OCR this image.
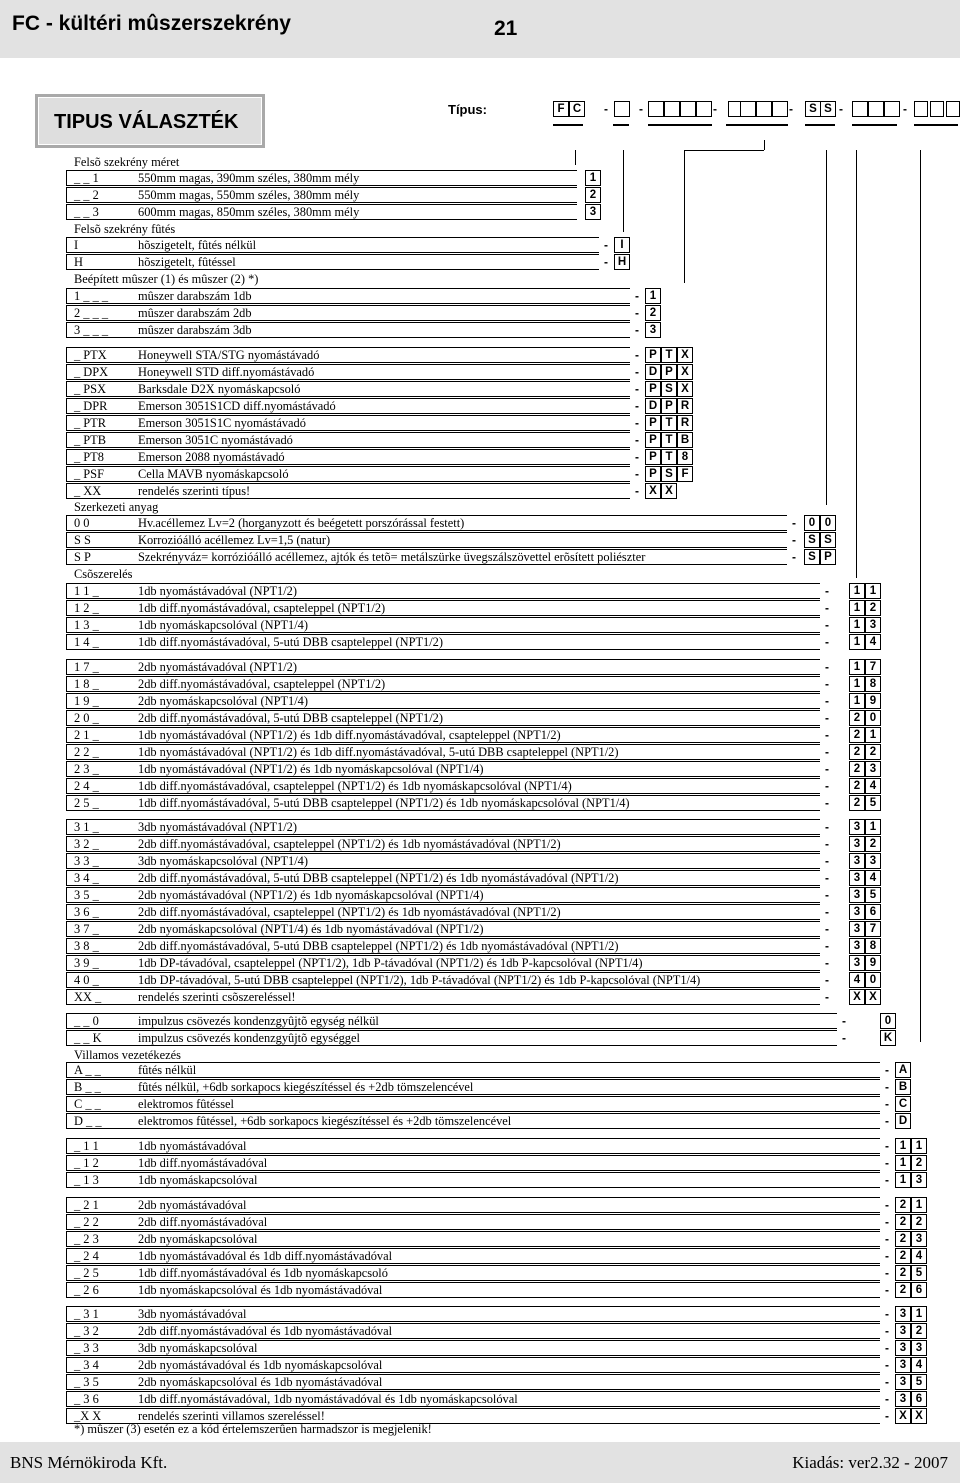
FC - kültéri mûszerszekrény	21
TIPUS VÁLASZTÉK
Típus:	F C	-	-	-	-	S S -	-
Felsõ szekrény méret
_ _ 1	550mm magas, 390mm széles, 380mm mély	1
_ _ 2	550mm magas, 550mm széles, 380mm mély	2
_ _ 3	600mm magas, 850mm széles, 380mm mély	3
Felsõ szekrény fûtés
I	hõszigetelt, fûtés nélkül	-	I
H	hõszigetelt, fûtéssel	- H
Beépített mûszer (1) és mûszer (2) *)
1 _ _ _	mûszer darabszám 1db	- 1
2 _ _ _	mûszer darabszám 2db	- 2
3 _ _ _	mûszer darabszám 3db	- 3
_ PTX	Honeywell STA/STG nyomástávadó	- P T X
_ DPX	Honeywell STD diff.nyomástávadó	- D P X
_ PSX	Barksdale D2X nyomáskapcsoló	- P S X
_ DPR	Emerson 3051S1CD diff.nyomástávadó	- D P R
_ PTR	Emerson 3051S1C nyomástávadó	- P T R
_ PTB	Emerson 3051C nyomástávadó	- P T B
_ PT8	Emerson 2088 nyomástávadó	- P T 8
_ PSF	Cella MAVB nyomáskapcsoló	- P S F
_ XX	rendelés szerinti típus!	- X X
Szerkezeti anyag
0 0	Hv.acéllemez Lv=2 (horganyzott és beégetett porszórással festett)	-	0 0
S S	Korrozióálló acéllemez Lv=1,5 (natur)	-	S S
S P	Szekrényváz= korrózióálló acéllemez, ajtók és tetõ= metálszürke üvegszálszövettel erõsített poliészter	-	S P
Csõszerelés
1 1 _	1db nyomástávadóval (NPT1/2)	-	1 1
1 2 _	1db diff.nyomástávadóval, csapteleppel (NPT1/2)	-	1 2
1 3 _	1db nyomáskapcsolóval (NPT1/4)	-	1 3
1 4 _	1db diff.nyomástávadóval, 5-utú DBB csapteleppel (NPT1/2)	-	1 4
1 7 _	2db nyomástávadóval (NPT1/2)	-	1 7
1 8 _	2db diff.nyomástávadóval, csapteleppel (NPT1/2)	-	1 8
1 9 _	2db nyomáskapcsolóval (NPT1/4)	-	1 9
2 0 _	2db diff.nyomástávadóval, 5-utú DBB csapteleppel (NPT1/2)	-	2 0
2 1 _	1db nyomástávadóval (NPT1/2) és 1db diff.nyomástávadóval, csapteleppel (NPT1/2)	-	2 1
2 2 _	1db nyomástávadóval (NPT1/2) és 1db diff.nyomástávadóval, 5-utú DBB csapteleppel (NPT1/2)	-	2 2
2 3 _	1db nyomástávadóval (NPT1/2) és 1db nyomáskapcsolóval (NPT1/4)	-	2 3
2 4 _	1db diff.nyomástávadóval, csapteleppel (NPT1/2) és 1db nyomáskapcsolóval (NPT1/4)	-	2 4
2 5 _	1db diff.nyomástávadóval, 5-utú DBB csapteleppel (NPT1/2) és 1db nyomáskapcsolóval (NPT1/4)	-	2 5
3 1 _	3db nyomástávadóval (NPT1/2)	-	3 1
3 2 _	2db diff.nyomástávadóval, csapteleppel (NPT1/2) és 1db nyomástávadóval (NPT1/2)	-	3 2
3 3 _	3db nyomáskapcsolóval (NPT1/4)	-	3 3
3 4 _	2db diff.nyomástávadóval, 5-utú DBB csapteleppel (NPT1/2) és 1db nyomástávadóval (NPT1/2)	-	3 4
3 5 _	2db nyomástávadóval (NPT1/2) és 1db nyomáskapcsolóval (NPT1/4)	-	3 5
3 6 _	2db diff.nyomástávadóval, csapteleppel (NPT1/2) és 1db nyomástávadóval (NPT1/2)	-	3 6
3 7 _	2db nyomáskapcsolóval (NPT1/4) és 1db nyomástávadóval (NPT1/2)	-	3 7
3 8 _	2db diff.nyomástávadóval, 5-utú DBB csapteleppel (NPT1/2) és 1db nyomástávadóval (NPT1/2)	-	3 8
3 9 _	1db DP-távadóval, csapteleppel (NPT1/2), 1db P-távadóval (NPT1/2) és 1db P-kapcsolóval (NPT1/4)	-	3 9
4 0 _	1db DP-távadóval, 5-utú DBB csapteleppel (NPT1/2), 1db P-távadóval (NPT1/2) és 1db P-kapcsolóval (NPT1/4)	-	4 0
XX _	rendelés szerinti csõszereléssel!	-	X X
_ _ 0	impulzus csövezés kondenzgyûjtõ egység nélkül	-	0
_ _ K	impulzus csövezés kondenzgyûjtõ egységgel	-	K
Villamos vezetékezés
A _ _	fûtés nélkül	- A
B _ _	fûtés nélkül, +6db sorkapocs kiegészítéssel és +2db tömszelencével	- B
C _ _	elektromos fûtéssel	- C
D _ _	elektromos fûtéssel, +6db sorkapocs kiegészítéssel és +2db tömszelencével	- D
_ 1 1	1db nyomástávadóval	- 1 1
_ 1 2	1db diff.nyomástávadóval	- 1 2
_ 1 3	1db nyomáskapcsolóval	- 1 3
_ 2 1	2db nyomástávadóval	- 2 1
_ 2 2	2db diff.nyomástávadóval	- 2 2
_ 2 3	2db nyomáskapcsolóval	- 2 3
_ 2 4	1db nyomástávadóval és 1db diff.nyomástávadóval	- 2 4
_ 2 5	1db diff.nyomástávadóval és 1db nyomáskapcsoló	- 2 5
_ 2 6	1db nyomáskapcsolóval és 1db nyomástávadóval	- 2 6
_ 3 1	3db nyomástávadóval	- 3 1
_ 3 2	2db diff.nyomástávadóval és 1db nyomástávadóval	- 3 2
_ 3 3	3db nyomáskapcsolóval	- 3 3
_ 3 4	2db nyomástávadóval és 1db nyomáskapcsolóval	- 3 4
_ 3 5	2db nyomáskapcsolóval és 1db nyomástávadóval	- 3 5
_ 3 6	1db diff.nyomástávadóval, 1db nyomástávadóval és 1db nyomáskapcsolóval	- 3 6
_X X	rendelés szerinti villamos szereléssel!	- X X
*) mûszer (3) esetén ez a kód értelemszerûen harmadszor is megjelenik!
BNS Mérnökiroda Kft.	Kiadás: ver2.32 - 2007
